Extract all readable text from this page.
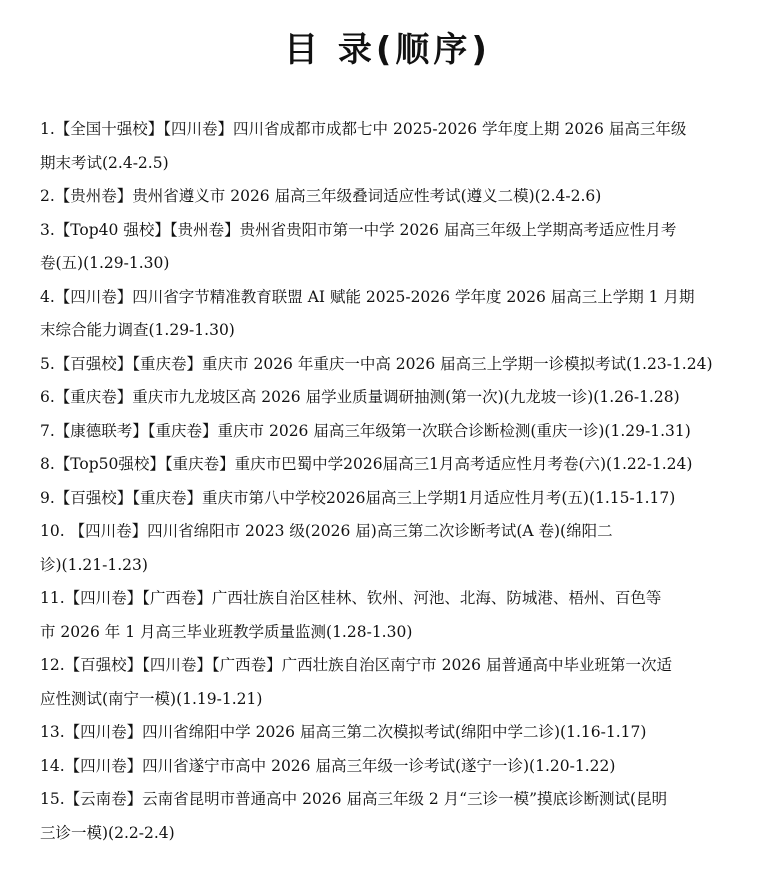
目 录(顺序)
1.【全国十强校】【四川卷】四川省成都市成都七中 2025-2026 学年度上期 2026 届高三年级
期末考试(2.4-2.5)
2.【贵州卷】贵州省遵义市 2026 届高三年级叠词适应性考试(遵义二模)(2.4-2.6)
3.【Top40 强校】【贵州卷】贵州省贵阳市第一中学 2026 届高三年级上学期高考适应性月考
卷(五)(1.29-1.30)
4.【四川卷】四川省字节精准教育联盟 AI 赋能 2025-2026 学年度 2026 届高三上学期 1 月期
末综合能力调查(1.29-1.30)
5.【百强校】【重庆卷】重庆市 2026 年重庆一中高 2026 届高三上学期一诊模拟考试(1.23-1.24)
6.【重庆卷】重庆市九龙坡区高 2026 届学业质量调研抽测(第一次)(九龙坡一诊)(1.26-1.28)
7.【康德联考】【重庆卷】重庆市 2026 届高三年级第一次联合诊断检测(重庆一诊)(1.29-1.31)
8.【Top50强校】【重庆卷】重庆市巴蜀中学2026届高三1月高考适应性月考卷(六)(1.22-1.24)
9.【百强校】【重庆卷】重庆市第八中学校2026届高三上学期1月适应性月考(五)(1.15-1.17)
10. 【四川卷】四川省绵阳市 2023 级(2026 届)高三第二次诊断考试(A 卷)(绵阳二
诊)(1.21-1.23)
11.【四川卷】【广西卷】广西壮族自治区桂林、钦州、河池、北海、防城港、梧州、百色等
市 2026 年 1 月高三毕业班教学质量监测(1.28-1.30)
12.【百强校】【四川卷】【广西卷】广西壮族自治区南宁市 2026 届普通高中毕业班第一次适
应性测试(南宁一模)(1.19-1.21)
13.【四川卷】四川省绵阳中学 2026 届高三第二次模拟考试(绵阳中学二诊)(1.16-1.17)
14.【四川卷】四川省遂宁市高中 2026 届高三年级一诊考试(遂宁一诊)(1.20-1.22)
15.【云南卷】云南省昆明市普通高中 2026 届高三年级 2 月“三诊一模”摸底诊断测试(昆明
三诊一模)(2.2-2.4)
